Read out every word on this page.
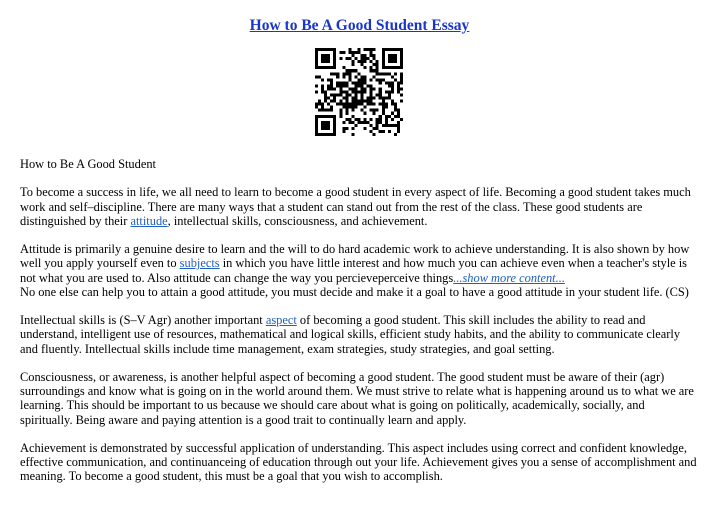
How to Be A Good Student Essay

How to Be A Good Student

To become a success in life, we all need to learn to become a good student in every aspect of life. Becoming a good student takes much work and self–discipline. There are many ways that a student can stand out from the rest of the class. These good students are distinguished by their attitude, intellectual skills, consciousness, and achievement.

Attitude is primarily a genuine desire to learn and the will to do hard academic work to achieve understanding. It is also shown by how well you apply yourself even to subjects in which you have little interest and how much you can achieve even when a teacher's style is not what you are used to. Also attitude can change the way you percieveperceive things...show more content...
No one else can help you to attain a good attitude, you must decide and make it a goal to have a good attitude in your student life. (CS)

Intellectual skills is (S–V Agr) another important aspect of becoming a good student. This skill includes the ability to read and understand, intelligent use of resources, mathematical and logical skills, efficient study habits, and the ability to communicate clearly and fluently. Intellectual skills include time management, exam strategies, study strategies, and goal setting.

Consciousness, or awareness, is another helpful aspect of becoming a good student. The good student must be aware of their (agr) surroundings and know what is going on in the world around them. We must strive to relate what is happening around us to what we are learning. This should be important to us because we should care about what is going on politically, academically, socially, and spiritually. Being aware and paying attention is a good trait to continually learn and apply.

Achievement is demonstrated by successful application of understanding. This aspect includes using correct and confident knowledge, effective communication, and continuanceing of education through out your life. Achievement gives you a sense of accomplishment and meaning. To become a good student, this must be a goal that you wish to accomplish.
